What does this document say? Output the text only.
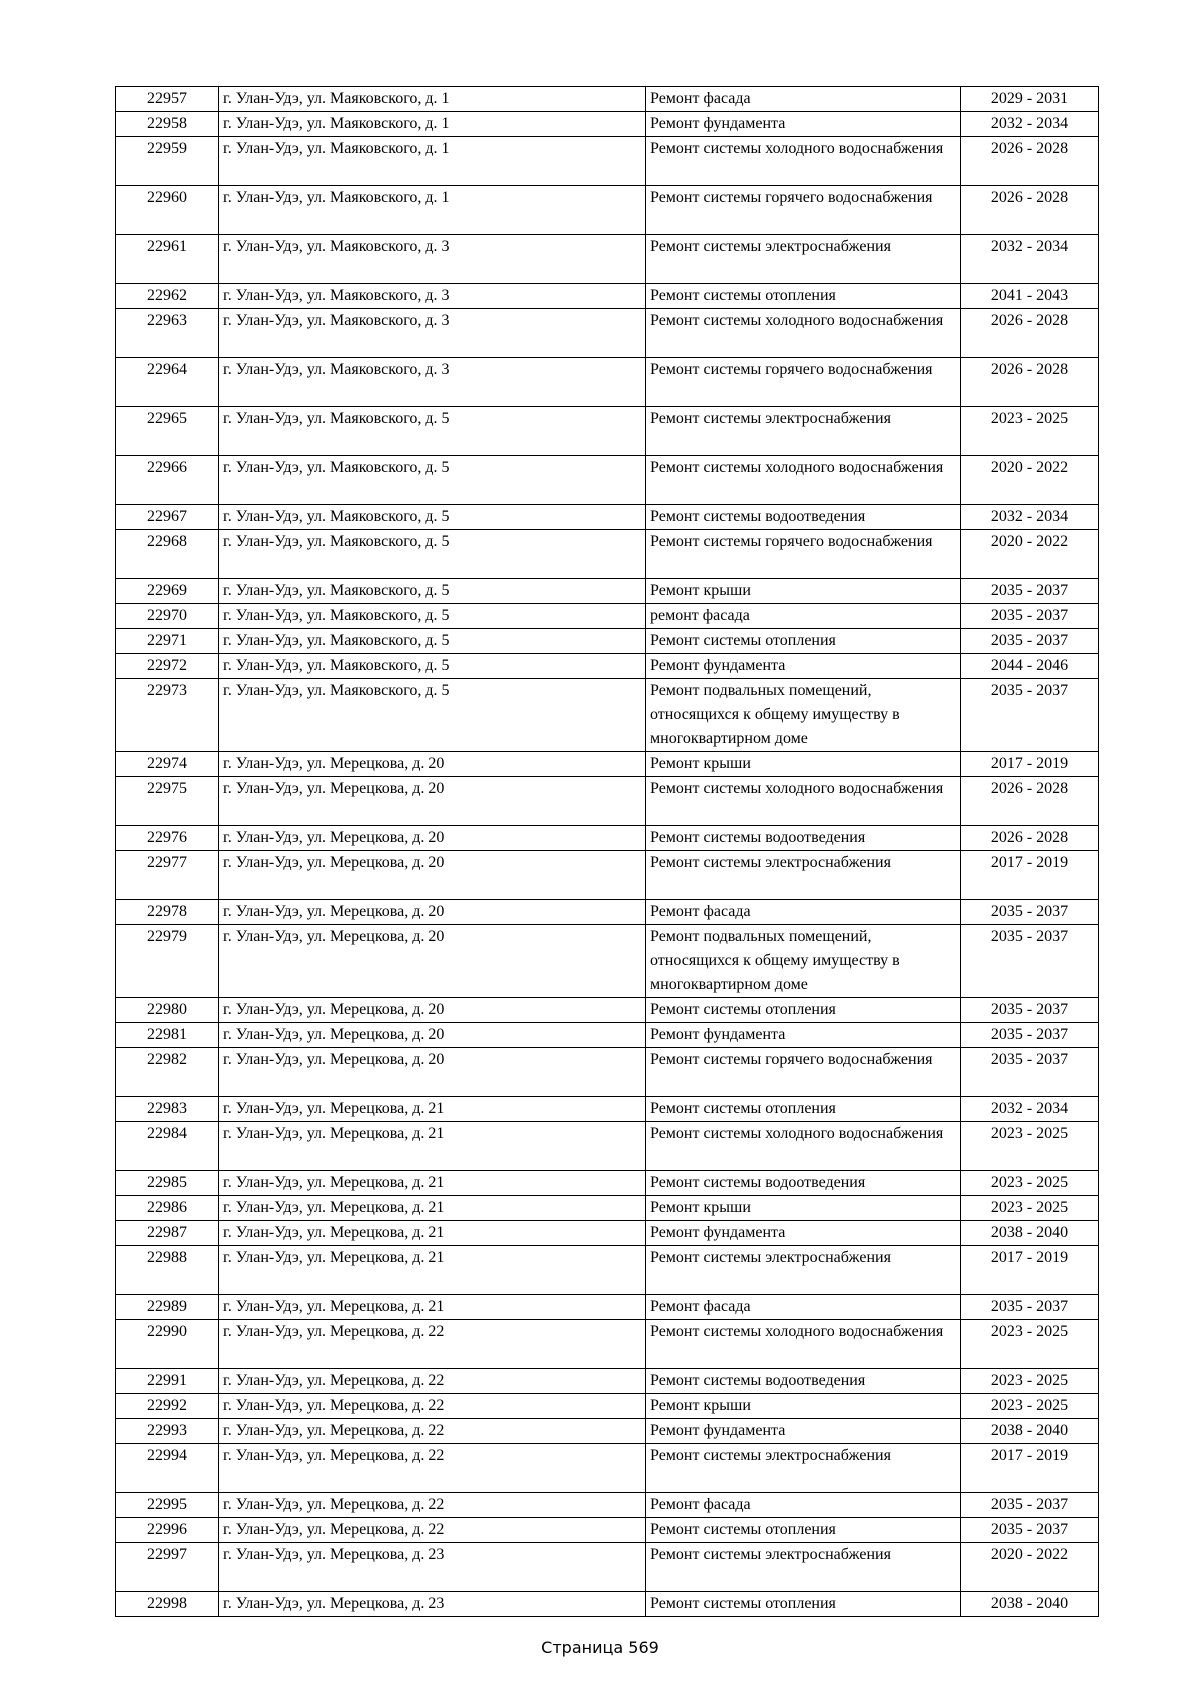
22957	г. Улан-Удэ, ул. Маяковского, д. 1	Ремонт фасада	2029 - 2031
22958	г. Улан-Удэ, ул. Маяковского, д. 1	Ремонт фундамента	2032 - 2034
22959	г. Улан-Удэ, ул. Маяковского, д. 1	Ремонт системы холодного водоснабжения	2026 - 2028
22960	г. Улан-Удэ, ул. Маяковского, д. 1	Ремонт системы горячего водоснабжения	2026 - 2028
22961	г. Улан-Удэ, ул. Маяковского, д. 3	Ремонт системы электроснабжения	2032 - 2034
22962	г. Улан-Удэ, ул. Маяковского, д. 3	Ремонт системы отопления	2041 - 2043
22963	г. Улан-Удэ, ул. Маяковского, д. 3	Ремонт системы холодного водоснабжения	2026 - 2028
22964	г. Улан-Удэ, ул. Маяковского, д. 3	Ремонт системы горячего водоснабжения	2026 - 2028
22965	г. Улан-Удэ, ул. Маяковского, д. 5	Ремонт системы электроснабжения	2023 - 2025
22966	г. Улан-Удэ, ул. Маяковского, д. 5	Ремонт системы холодного водоснабжения	2020 - 2022
22967	г. Улан-Удэ, ул. Маяковского, д. 5	Ремонт системы водоотведения	2032 - 2034
22968	г. Улан-Удэ, ул. Маяковского, д. 5	Ремонт системы горячего водоснабжения	2020 - 2022
22969	г. Улан-Удэ, ул. Маяковского, д. 5	Ремонт крыши	2035 - 2037
22970	г. Улан-Удэ, ул. Маяковского, д. 5	ремонт фасада	2035 - 2037
22971	г. Улан-Удэ, ул. Маяковского, д. 5	Ремонт системы отопления	2035 - 2037
22972	г. Улан-Удэ, ул. Маяковского, д. 5	Ремонт фундамента	2044 - 2046
22973	г. Улан-Удэ, ул. Маяковского, д. 5	Ремонт подвальных помещений, относящихся к общему имуществу в многоквартирном доме	2035 - 2037
22974	г. Улан-Удэ, ул. Мерецкова, д. 20	Ремонт крыши	2017 - 2019
22975	г. Улан-Удэ, ул. Мерецкова, д. 20	Ремонт системы холодного водоснабжения	2026 - 2028
22976	г. Улан-Удэ, ул. Мерецкова, д. 20	Ремонт системы водоотведения	2026 - 2028
22977	г. Улан-Удэ, ул. Мерецкова, д. 20	Ремонт системы электроснабжения	2017 - 2019
22978	г. Улан-Удэ, ул. Мерецкова, д. 20	Ремонт фасада	2035 - 2037
22979	г. Улан-Удэ, ул. Мерецкова, д. 20	Ремонт подвальных помещений, относящихся к общему имуществу в многоквартирном доме	2035 - 2037
22980	г. Улан-Удэ, ул. Мерецкова, д. 20	Ремонт системы отопления	2035 - 2037
22981	г. Улан-Удэ, ул. Мерецкова, д. 20	Ремонт фундамента	2035 - 2037
22982	г. Улан-Удэ, ул. Мерецкова, д. 20	Ремонт системы горячего водоснабжения	2035 - 2037
22983	г. Улан-Удэ, ул. Мерецкова, д. 21	Ремонт системы отопления	2032 - 2034
22984	г. Улан-Удэ, ул. Мерецкова, д. 21	Ремонт системы холодного водоснабжения	2023 - 2025
22985	г. Улан-Удэ, ул. Мерецкова, д. 21	Ремонт системы водоотведения	2023 - 2025
22986	г. Улан-Удэ, ул. Мерецкова, д. 21	Ремонт крыши	2023 - 2025
22987	г. Улан-Удэ, ул. Мерецкова, д. 21	Ремонт фундамента	2038 - 2040
22988	г. Улан-Удэ, ул. Мерецкова, д. 21	Ремонт системы электроснабжения	2017 - 2019
22989	г. Улан-Удэ, ул. Мерецкова, д. 21	Ремонт фасада	2035 - 2037
22990	г. Улан-Удэ, ул. Мерецкова, д. 22	Ремонт системы холодного водоснабжения	2023 - 2025
22991	г. Улан-Удэ, ул. Мерецкова, д. 22	Ремонт системы водоотведения	2023 - 2025
22992	г. Улан-Удэ, ул. Мерецкова, д. 22	Ремонт крыши	2023 - 2025
22993	г. Улан-Удэ, ул. Мерецкова, д. 22	Ремонт фундамента	2038 - 2040
22994	г. Улан-Удэ, ул. Мерецкова, д. 22	Ремонт системы электроснабжения	2017 - 2019
22995	г. Улан-Удэ, ул. Мерецкова, д. 22	Ремонт фасада	2035 - 2037
22996	г. Улан-Удэ, ул. Мерецкова, д. 22	Ремонт системы отопления	2035 - 2037
22997	г. Улан-Удэ, ул. Мерецкова, д. 23	Ремонт системы электроснабжения	2020 - 2022
22998	г. Улан-Удэ, ул. Мерецкова, д. 23	Ремонт системы отопления	2038 - 2040
Страница 569
